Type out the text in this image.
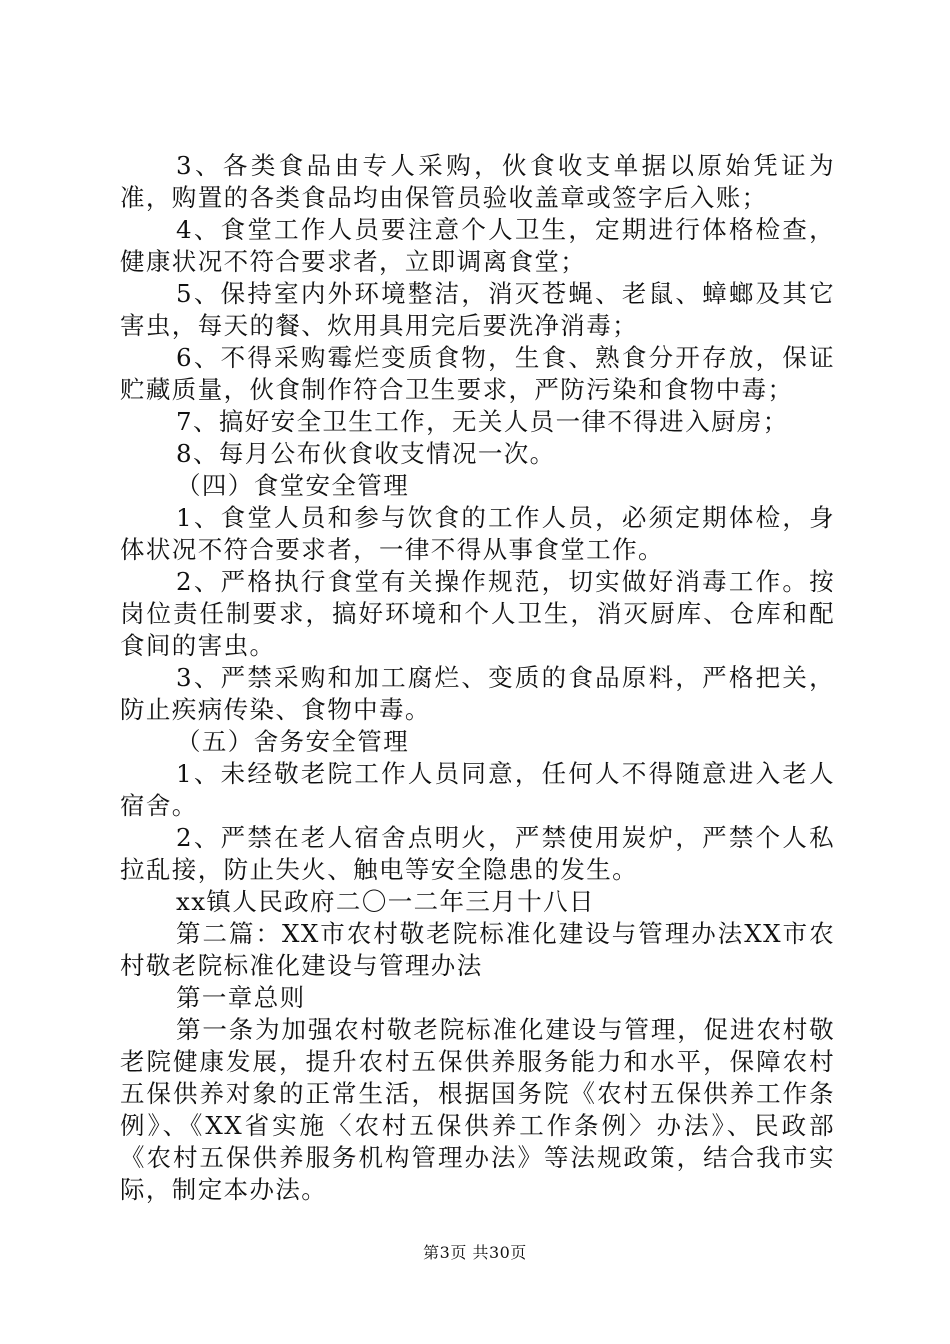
3、各类食品由专人采购，伙食收支单据以原始凭证为准，购置的各类食品均由保管员验收盖章或签字后入账；

4、食堂工作人员要注意个人卫生，定期进行体格检查，健康状况不符合要求者，立即调离食堂；

5、保持室内外环境整洁，消灭苍蝇、老鼠、蟑螂及其它害虫，每天的餐、炊用具用完后要洗净消毒；

6、不得采购霉烂变质食物，生食、熟食分开存放，保证贮藏质量，伙食制作符合卫生要求，严防污染和食物中毒；

7、搞好安全卫生工作，无关人员一律不得进入厨房；

8、每月公布伙食收支情况一次。

（四）食堂安全管理

1、食堂人员和参与饮食的工作人员，必须定期体检，身体状况不符合要求者，一律不得从事食堂工作。

2、严格执行食堂有关操作规范，切实做好消毒工作。按岗位责任制要求，搞好环境和个人卫生，消灭厨库、仓库和配食间的害虫。

3、严禁采购和加工腐烂、变质的食品原料，严格把关，防止疾病传染、食物中毒。

（五）舍务安全管理

1、未经敬老院工作人员同意，任何人不得随意进入老人宿舍。

2、严禁在老人宿舍点明火，严禁使用炭炉，严禁个人私拉乱接，防止失火、触电等安全隐患的发生。

xx镇人民政府二〇一二年三月十八日

第二篇：XX市农村敬老院标准化建设与管理办法XX市农村敬老院标准化建设与管理办法

第一章总则

第一条为加强农村敬老院标准化建设与管理，促进农村敬老院健康发展，提升农村五保供养服务能力和水平，保障农村五保供养对象的正常生活，根据国务院《农村五保供养工作条例》、《XX省实施〈农村五保供养工作条例〉办法》、民政部《农村五保供养服务机构管理办法》等法规政策，结合我市实际，制定本办法。

第3页 共30页
